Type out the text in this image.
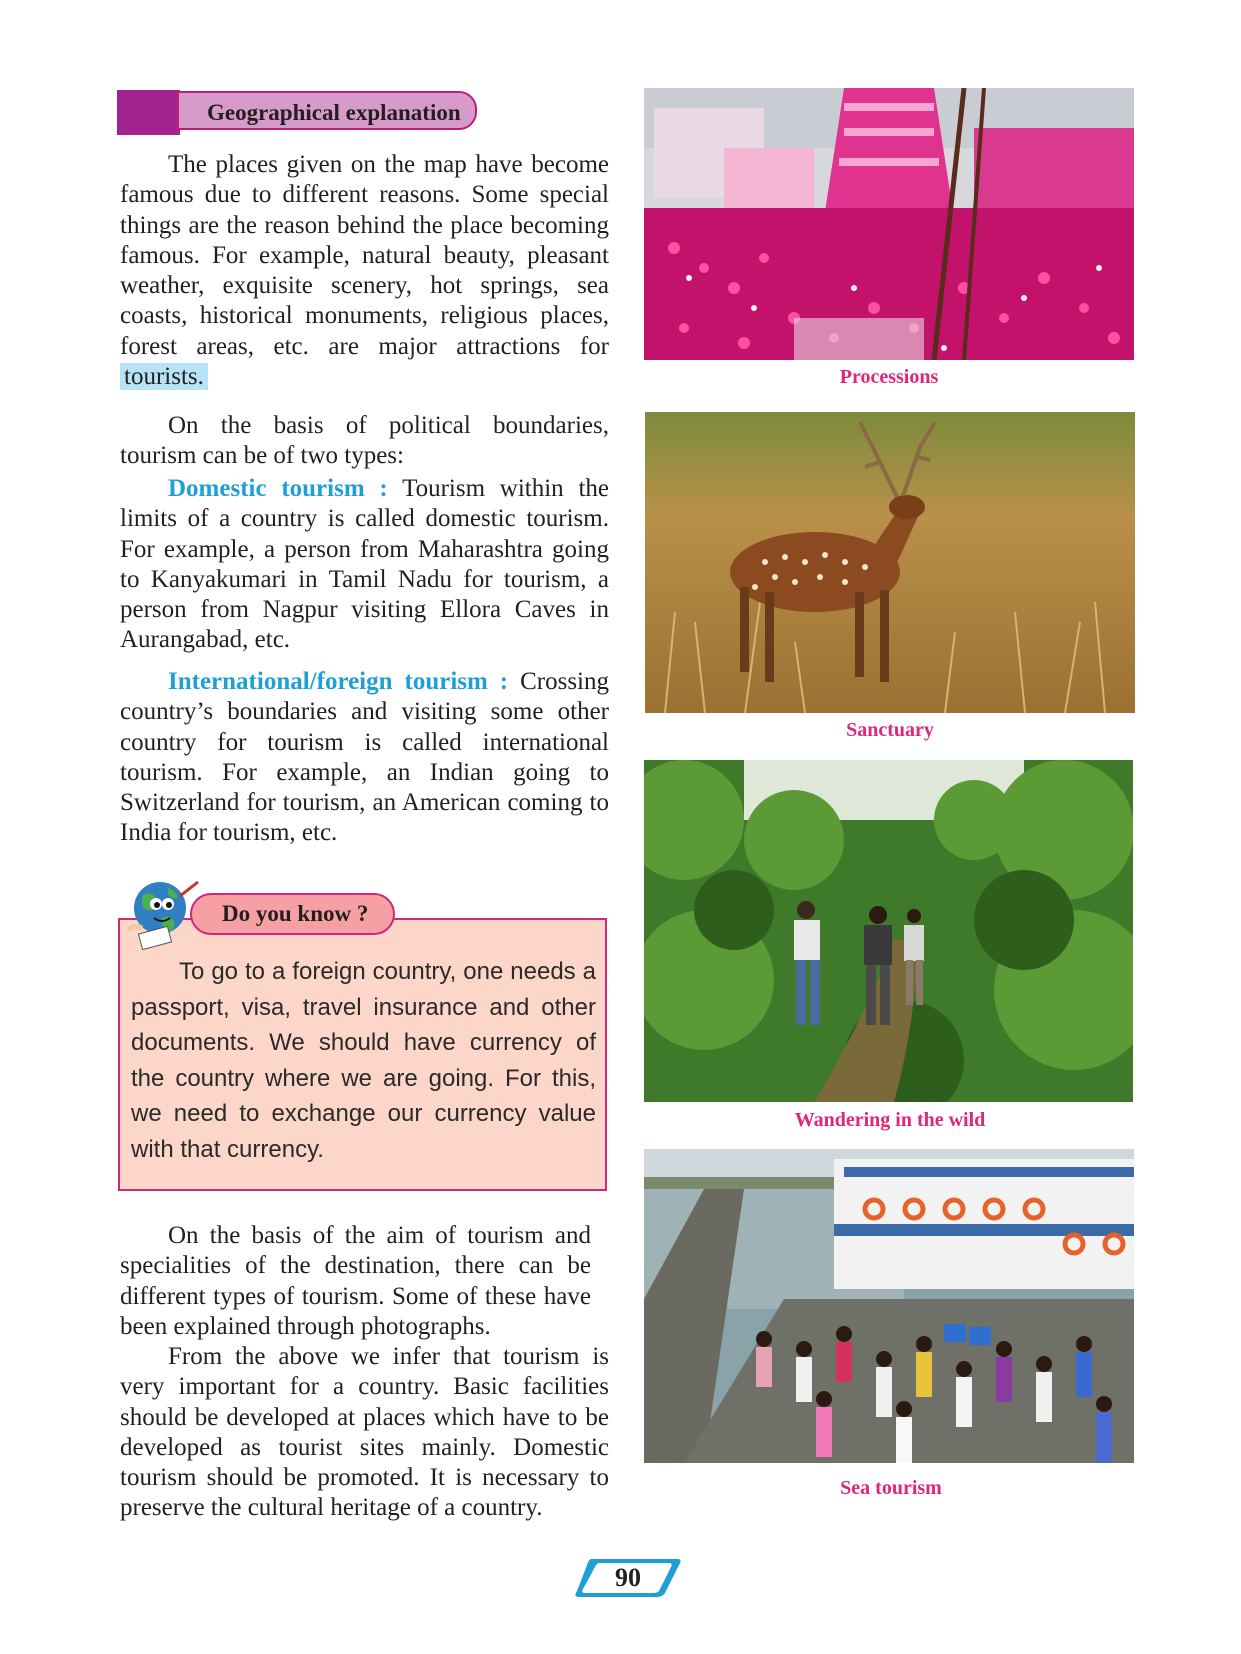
Geographical explanation

The places given on the map have become famous due to different reasons. Some special things are the reason behind the place becoming famous. For example, natural beauty, pleasant weather, exquisite scenery, hot springs, sea coasts, historical monuments, religious places, forest areas, etc. are major attractions for tourists.

On the basis of political boundaries, tourism can be of two types:

Domestic tourism : Tourism within the limits of a country is called domestic tourism. For example, a person from Maharashtra going to Kanyakumari in Tamil Nadu for tourism, a person from Nagpur visiting Ellora Caves in Aurangabad, etc.

International/foreign tourism : Crossing country’s boundaries and visiting some other country for tourism is called international tourism. For example, an Indian going to Switzerland for tourism, an American coming to India for tourism, etc.

To go to a foreign country, one needs a passport, visa, travel insurance and other documents. We should have currency of the country where we are going. For this, we need to exchange our currency value with that currency.

Do you know ?

On the basis of the aim of tourism and specialities of the destination, there can be different types of tourism. Some of these have been explained through photographs.

From the above we infer that tourism is very important for a country. Basic facilities should be developed at places which have to be developed as tourist sites mainly. Domestic tourism should be promoted. It is necessary to preserve the cultural heritage of a country.

Processions
Sanctuary
Wandering in the wild
Sea tourism
90
